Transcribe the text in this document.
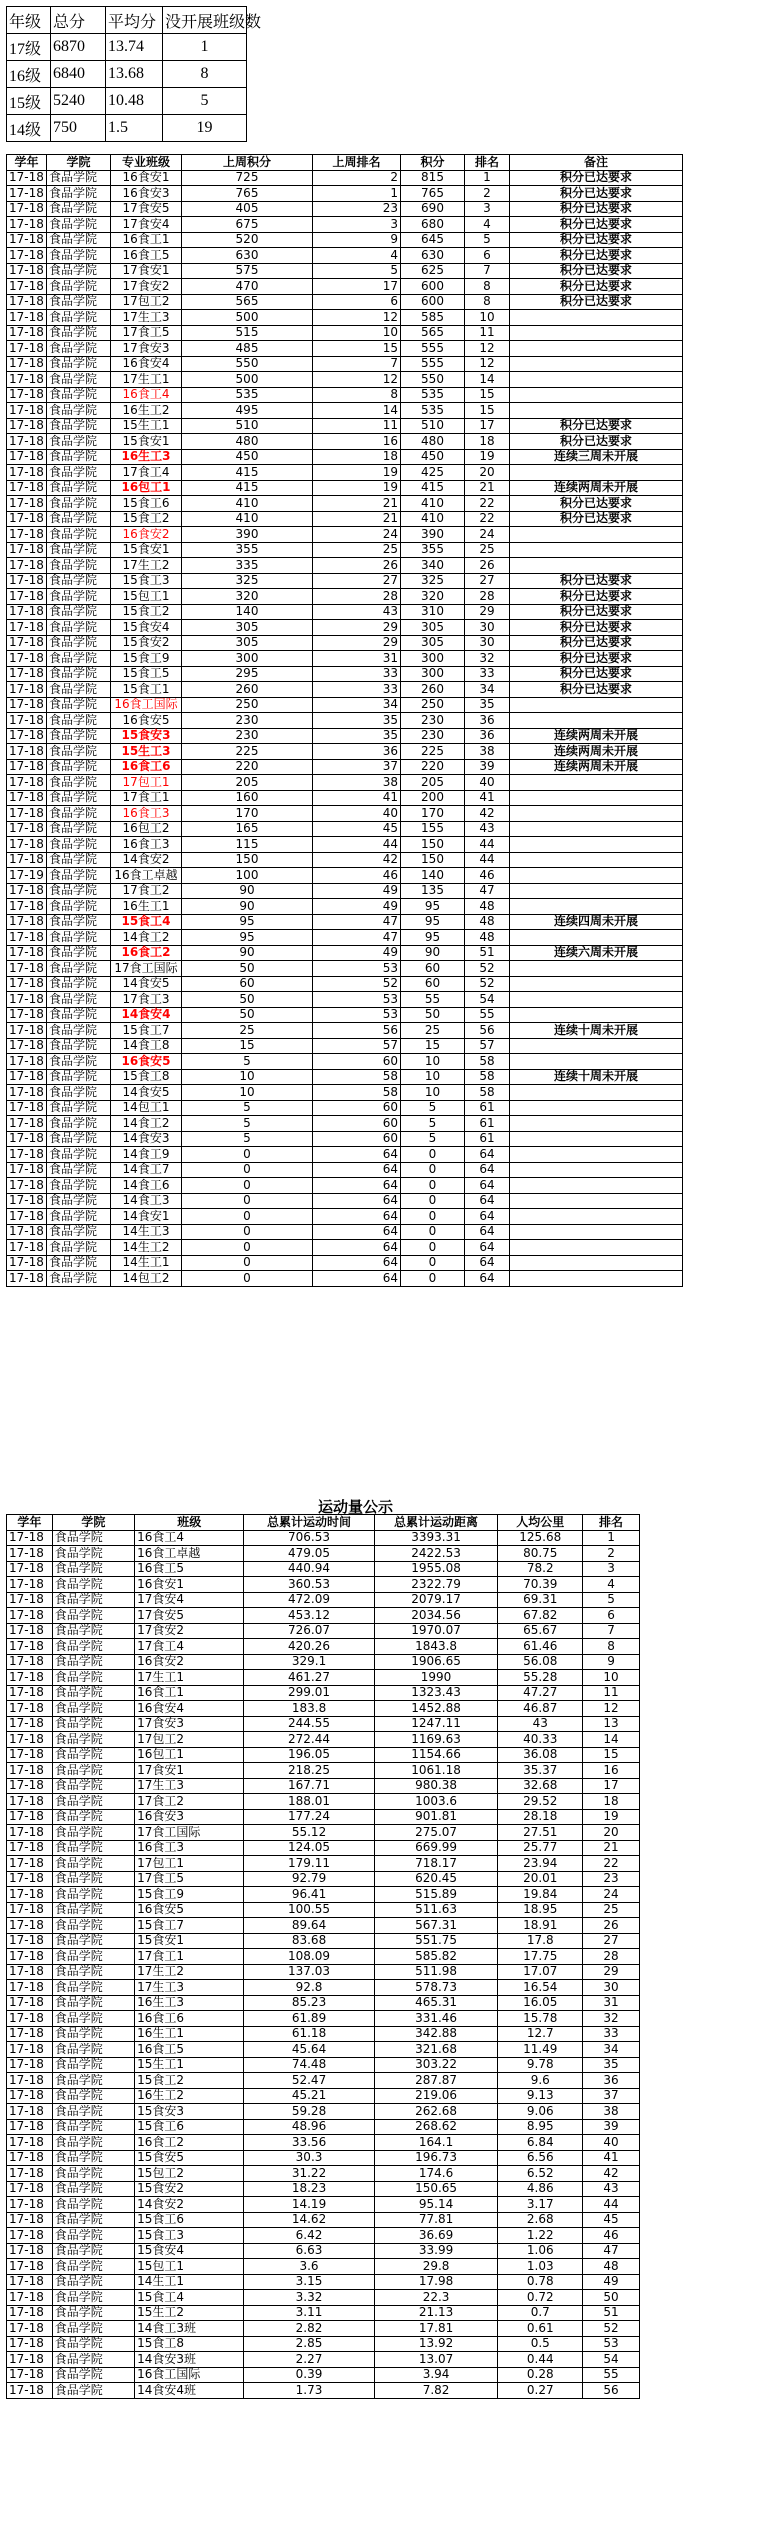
年级	总分	平均分	没开展班级数
17级	6870	13.74	1
16级	6840	13.68	8
15级	5240	10.48	5
14级	750	1.5	19
学年	学院	专业班级	上周积分	上周排名	积分	排名	备注
17-18	食品学院	16食安1	725	2	815	1	积分已达要求
17-18	食品学院	16食安3	765	1	765	2	积分已达要求
17-18	食品学院	17食安5	405	23	690	3	积分已达要求
17-18	食品学院	17食安4	675	3	680	4	积分已达要求
17-18	食品学院	16食工1	520	9	645	5	积分已达要求
17-18	食品学院	16食工5	630	4	630	6	积分已达要求
17-18	食品学院	17食安1	575	5	625	7	积分已达要求
17-18	食品学院	17食安2	470	17	600	8	积分已达要求
17-18	食品学院	17包工2	565	6	600	8	积分已达要求
17-18	食品学院	17生工3	500	12	585	10	
17-18	食品学院	17食工5	515	10	565	11	
17-18	食品学院	17食安3	485	15	555	12	
17-18	食品学院	16食安4	550	7	555	12	
17-18	食品学院	17生工1	500	12	550	14	
17-18	食品学院	16食工4	535	8	535	15	
17-18	食品学院	16生工2	495	14	535	15	
17-18	食品学院	15生工1	510	11	510	17	积分已达要求
17-18	食品学院	15食安1	480	16	480	18	积分已达要求
17-18	食品学院	16生工3	450	18	450	19	连续三周未开展
17-18	食品学院	17食工4	415	19	425	20	
17-18	食品学院	16包工1	415	19	415	21	连续两周未开展
17-18	食品学院	15食工6	410	21	410	22	积分已达要求
17-18	食品学院	15食工2	410	21	410	22	积分已达要求
17-18	食品学院	16食安2	390	24	390	24	
17-18	食品学院	15食安1	355	25	355	25	
17-18	食品学院	17生工2	335	26	340	26	
17-18	食品学院	15食工3	325	27	325	27	积分已达要求
17-18	食品学院	15包工1	320	28	320	28	积分已达要求
17-18	食品学院	15食工2	140	43	310	29	积分已达要求
17-18	食品学院	15食安4	305	29	305	30	积分已达要求
17-18	食品学院	15食安2	305	29	305	30	积分已达要求
17-18	食品学院	15食工9	300	31	300	32	积分已达要求
17-18	食品学院	15食工5	295	33	300	33	积分已达要求
17-18	食品学院	15食工1	260	33	260	34	积分已达要求
17-18	食品学院	16食工国际	250	34	250	35	
17-18	食品学院	16食安5	230	35	230	36	
17-18	食品学院	15食安3	230	35	230	36	连续两周未开展
17-18	食品学院	15生工3	225	36	225	38	连续两周未开展
17-18	食品学院	16食工6	220	37	220	39	连续两周未开展
17-18	食品学院	17包工1	205	38	205	40	
17-18	食品学院	17食工1	160	41	200	41	
17-18	食品学院	16食工3	170	40	170	42	
17-18	食品学院	16包工2	165	45	155	43	
17-18	食品学院	16食工3	115	44	150	44	
17-18	食品学院	14食安2	150	42	150	44	
17-19	食品学院	16食工卓越	100	46	140	46	
17-18	食品学院	17食工2	90	49	135	47	
17-18	食品学院	16生工1	90	49	95	48	
17-18	食品学院	15食工4	95	47	95	48	连续四周未开展
17-18	食品学院	14食工2	95	47	95	48	
17-18	食品学院	16食工2	90	49	90	51	连续六周未开展
17-18	食品学院	17食工国际	50	53	60	52	
17-18	食品学院	14食安5	60	52	60	52	
17-18	食品学院	17食工3	50	53	55	54	
17-18	食品学院	14食安4	50	53	50	55	
17-18	食品学院	15食工7	25	56	25	56	连续十周未开展
17-18	食品学院	14食工8	15	57	15	57	
17-18	食品学院	16食安5	5	60	10	58	
17-18	食品学院	15食工8	10	58	10	58	连续十周未开展
17-18	食品学院	14食安5	10	58	10	58	
17-18	食品学院	14包工1	5	60	5	61	
17-18	食品学院	14食工2	5	60	5	61	
17-18	食品学院	14食安3	5	60	5	61	
17-18	食品学院	14食工9	0	64	0	64	
17-18	食品学院	14食工7	0	64	0	64	
17-18	食品学院	14食工6	0	64	0	64	
17-18	食品学院	14食工3	0	64	0	64	
17-18	食品学院	14食安1	0	64	0	64	
17-18	食品学院	14生工3	0	64	0	64	
17-18	食品学院	14生工2	0	64	0	64	
17-18	食品学院	14生工1	0	64	0	64	
17-18	食品学院	14包工2	0	64	0	64	
运动量公示
学年	学院	班级	总累计运动时间	总累计运动距离	人均公里	排名
17-18	食品学院	16食工4	706.53	3393.31	125.68	1
17-18	食品学院	16食工卓越	479.05	2422.53	80.75	2
17-18	食品学院	16食工5	440.94	1955.08	78.2	3
17-18	食品学院	16食安1	360.53	2322.79	70.39	4
17-18	食品学院	17食安4	472.09	2079.17	69.31	5
17-18	食品学院	17食安5	453.12	2034.56	67.82	6
17-18	食品学院	17食安2	726.07	1970.07	65.67	7
17-18	食品学院	17食工4	420.26	1843.8	61.46	8
17-18	食品学院	16食安2	329.1	1906.65	56.08	9
17-18	食品学院	17生工1	461.27	1990	55.28	10
17-18	食品学院	16食工1	299.01	1323.43	47.27	11
17-18	食品学院	16食安4	183.8	1452.88	46.87	12
17-18	食品学院	17食安3	244.55	1247.11	43	13
17-18	食品学院	17包工2	272.44	1169.63	40.33	14
17-18	食品学院	16包工1	196.05	1154.66	36.08	15
17-18	食品学院	17食安1	218.25	1061.18	35.37	16
17-18	食品学院	17生工3	167.71	980.38	32.68	17
17-18	食品学院	17食工2	188.01	1003.6	29.52	18
17-18	食品学院	16食安3	177.24	901.81	28.18	19
17-18	食品学院	17食工国际	55.12	275.07	27.51	20
17-18	食品学院	16食工3	124.05	669.99	25.77	21
17-18	食品学院	17包工1	179.11	718.17	23.94	22
17-18	食品学院	17食工5	92.79	620.45	20.01	23
17-18	食品学院	15食工9	96.41	515.89	19.84	24
17-18	食品学院	16食安5	100.55	511.63	18.95	25
17-18	食品学院	15食工7	89.64	567.31	18.91	26
17-18	食品学院	15食安1	83.68	551.75	17.8	27
17-18	食品学院	17食工1	108.09	585.82	17.75	28
17-18	食品学院	17生工2	137.03	511.98	17.07	29
17-18	食品学院	17生工3	92.8	578.73	16.54	30
17-18	食品学院	16生工3	85.23	465.31	16.05	31
17-18	食品学院	16食工6	61.89	331.46	15.78	32
17-18	食品学院	16生工1	61.18	342.88	12.7	33
17-18	食品学院	16食工5	45.64	321.68	11.49	34
17-18	食品学院	15生工1	74.48	303.22	9.78	35
17-18	食品学院	15食工2	52.47	287.87	9.6	36
17-18	食品学院	16生工2	45.21	219.06	9.13	37
17-18	食品学院	15食安3	59.28	262.68	9.06	38
17-18	食品学院	15食工6	48.96	268.62	8.95	39
17-18	食品学院	16食工2	33.56	164.1	6.84	40
17-18	食品学院	15食安5	30.3	196.73	6.56	41
17-18	食品学院	15包工2	31.22	174.6	6.52	42
17-18	食品学院	15食安2	18.23	150.65	4.86	43
17-18	食品学院	14食安2	14.19	95.14	3.17	44
17-18	食品学院	15食工6	14.62	77.81	2.68	45
17-18	食品学院	15食工3	6.42	36.69	1.22	46
17-18	食品学院	15食安4	6.63	33.99	1.06	47
17-18	食品学院	15包工1	3.6	29.8	1.03	48
17-18	食品学院	14生工1	3.15	17.98	0.78	49
17-18	食品学院	15食工4	3.32	22.3	0.72	50
17-18	食品学院	15生工2	3.11	21.13	0.7	51
17-18	食品学院	14食工3班	2.82	17.81	0.61	52
17-18	食品学院	15食工8	2.85	13.92	0.5	53
17-18	食品学院	14食安3班	2.27	13.07	0.44	54
17-18	食品学院	16食工国际	0.39	3.94	0.28	55
17-18	食品学院	14食安4班	1.73	7.82	0.27	56
